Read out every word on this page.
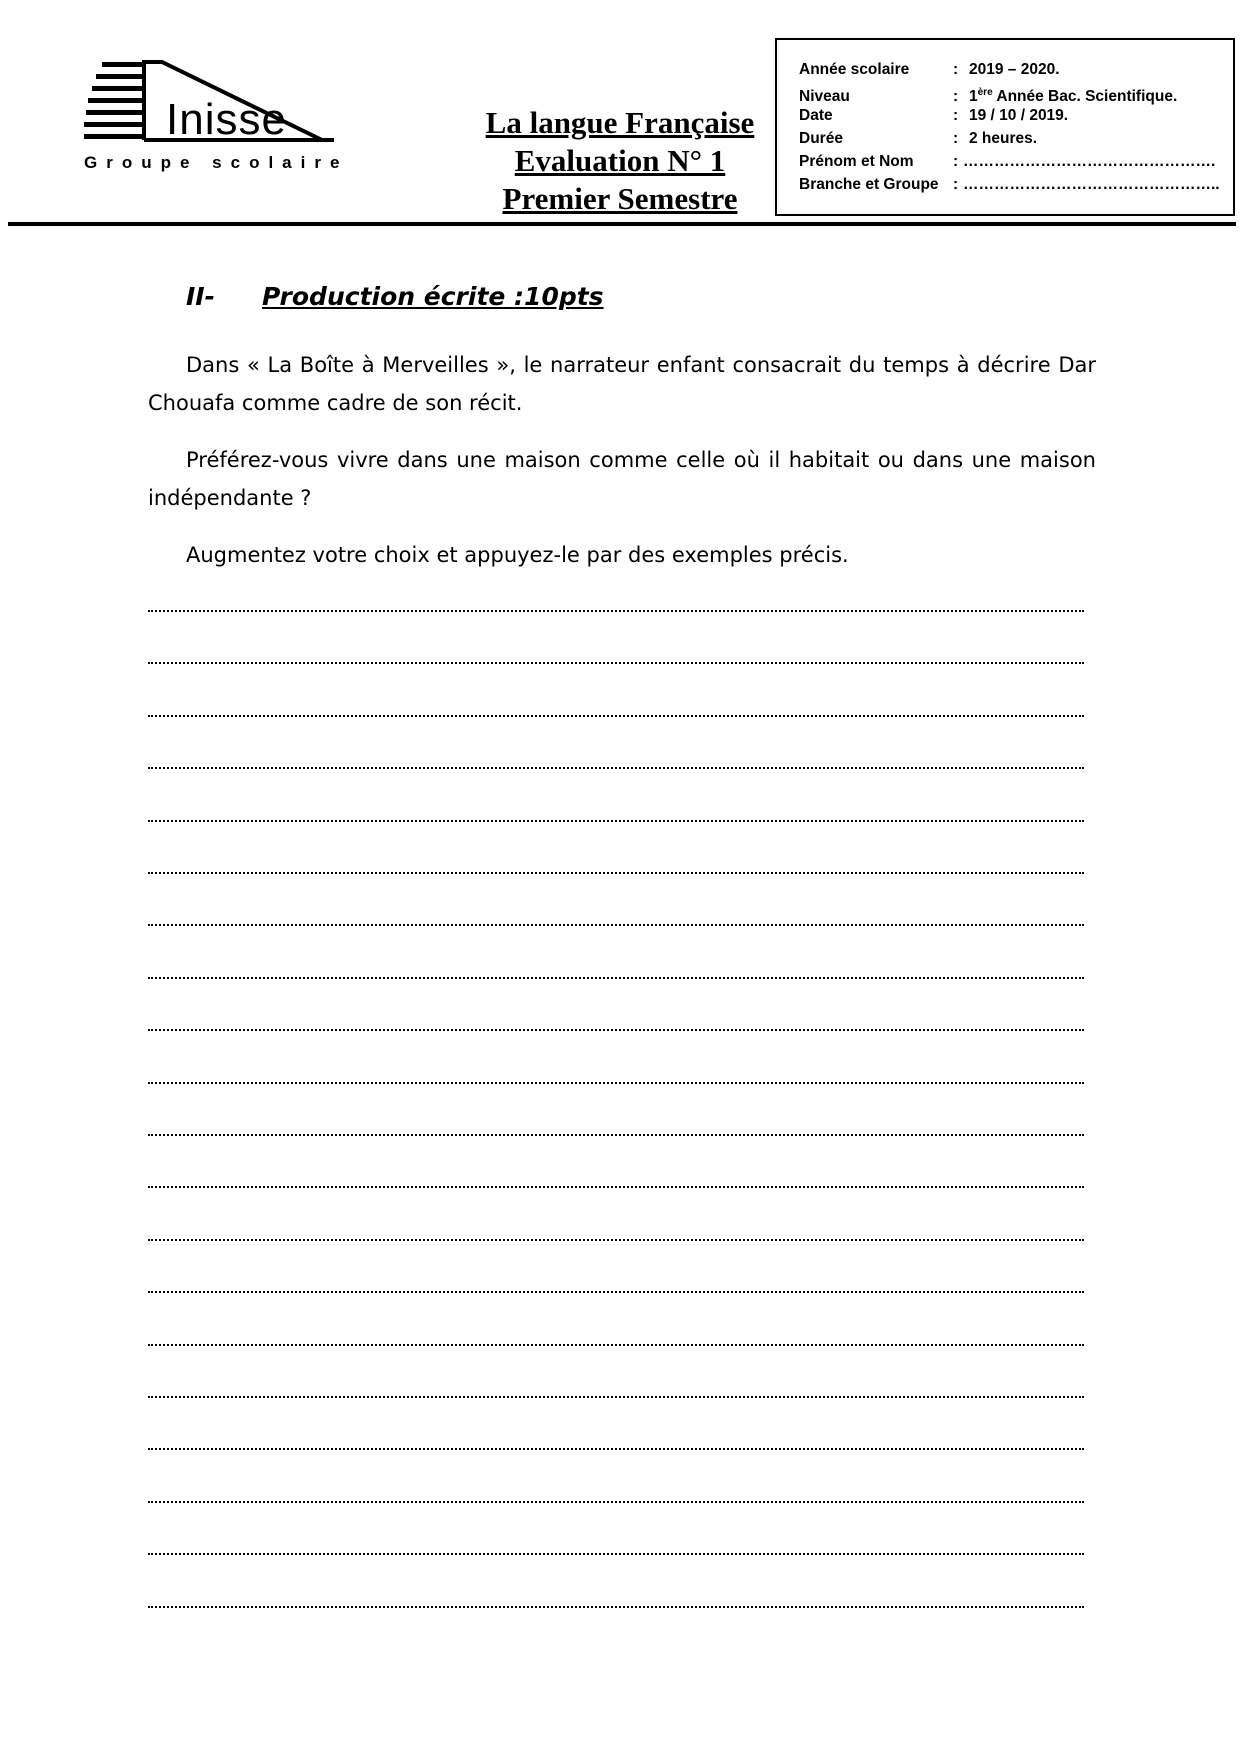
Inisse
Groupe scolaire
La langue Française
Evaluation N° 1
Premier Semestre
Année scolaire	: 2019 – 2020.
Niveau	: 1ère Année Bac. Scientifique.
Date	: 19 / 10 / 2019.
Durée	: 2 heures.
Prénom et Nom	: ………………………………………….
Branche et Groupe : …………………………………………..
II- Production écrite :10pts
Dans « La Boîte à Merveilles », le narrateur enfant consacrait du temps à décrire Dar Chouafa comme cadre de son récit.
Préférez-vous vivre dans une maison comme celle où il habitait ou dans une maison indépendante ?
Augmentez votre choix et appuyez-le par des exemples précis.
